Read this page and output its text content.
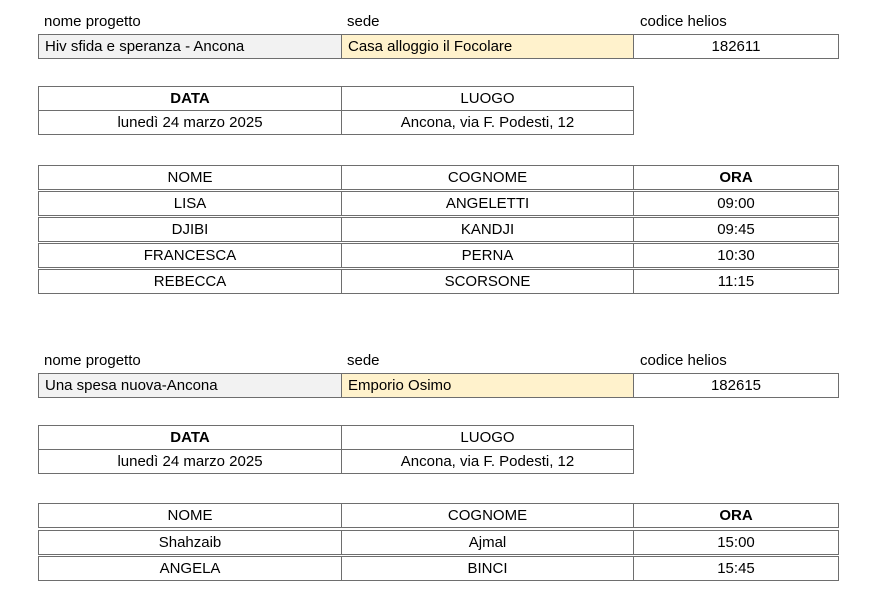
nome progetto	sede	codice helios
Hiv sfida e speranza - Ancona	Casa alloggio il Focolare	182611
DATA	LUOGO
lunedì 24 marzo 2025	Ancona, via F. Podesti, 12
NOME	COGNOME	ORA
LISA	ANGELETTI	09:00
DJIBI	KANDJI	09:45
FRANCESCA	PERNA	10:30
REBECCA	SCORSONE	11:15
nome progetto	sede	codice helios
Una spesa nuova-Ancona	Emporio Osimo	182615
DATA	LUOGO
lunedì 24 marzo 2025	Ancona, via F. Podesti, 12
NOME	COGNOME	ORA
Shahzaib	Ajmal	15:00
ANGELA	BINCI	15:45
